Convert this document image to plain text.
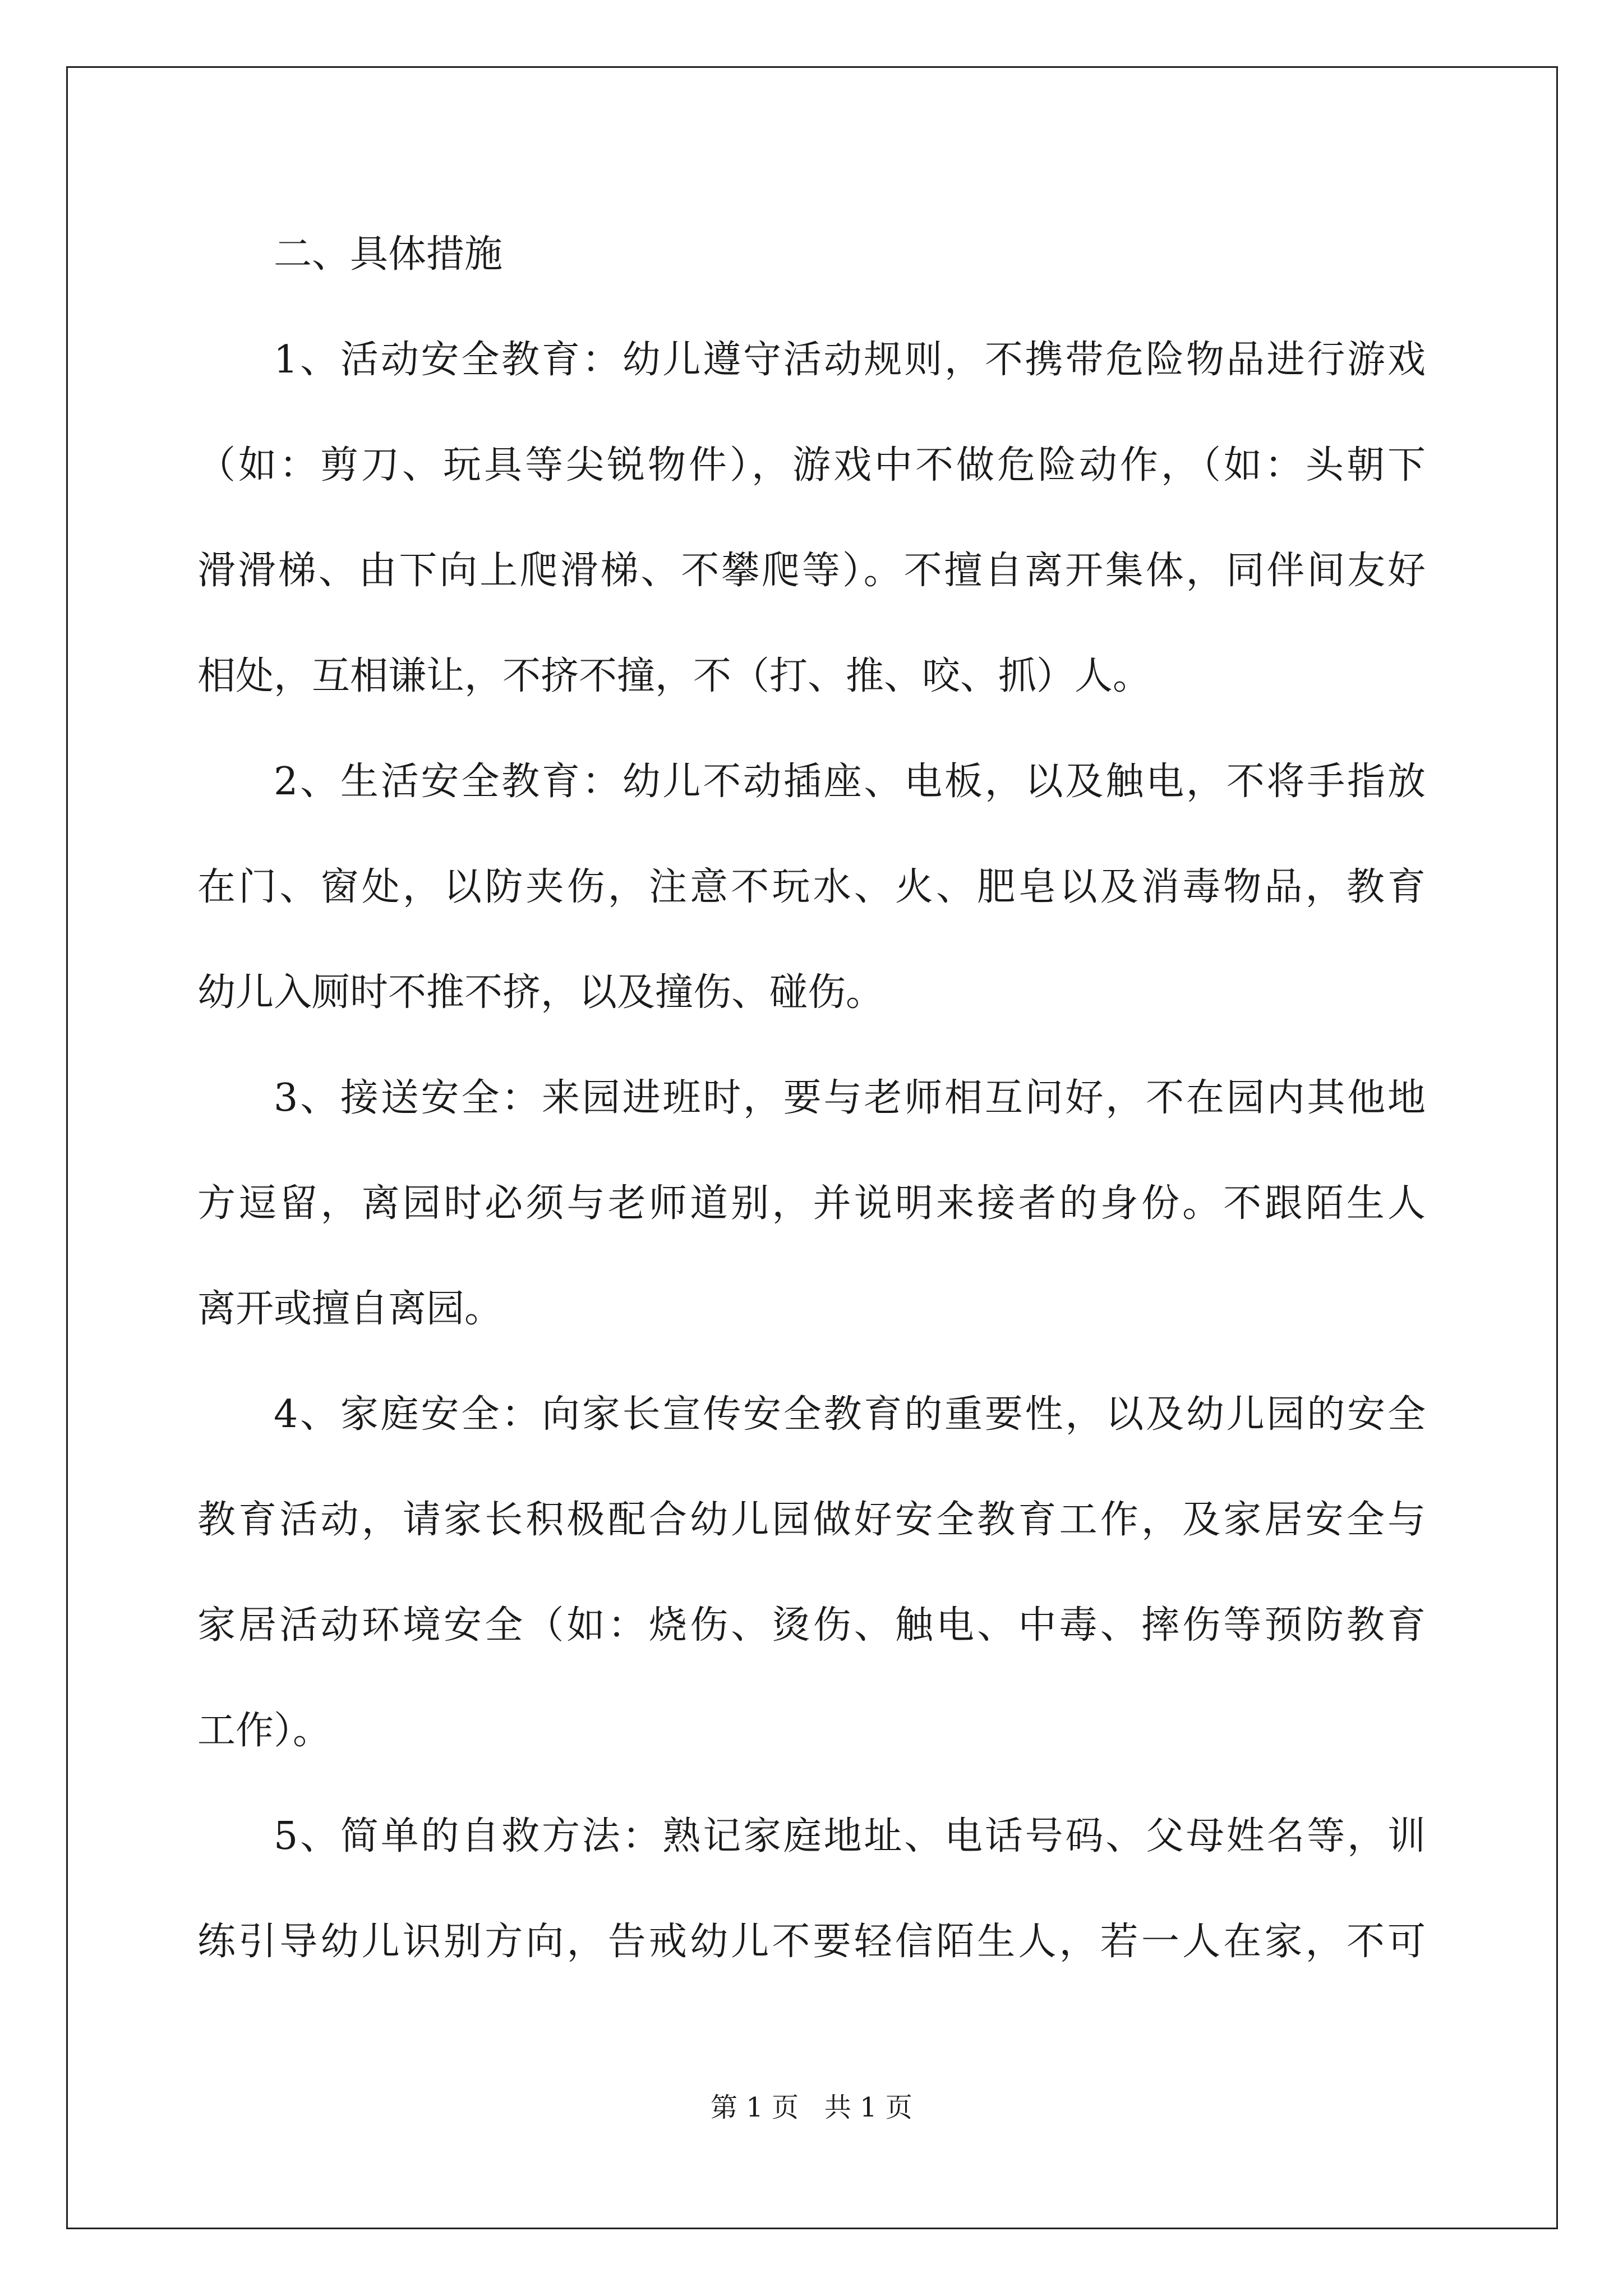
二、具体措施

1、活动安全教育：幼儿遵守活动规则，不携带危险物品进行游戏
（如：剪刀、玩具等尖锐物件），游戏中不做危险动作，（如：头朝下
滑滑梯、由下向上爬滑梯、不攀爬等）。不擅自离开集体，同伴间友好
相处，互相谦让，不挤不撞，不（打、推、咬、抓）人。
2、生活安全教育：幼儿不动插座、电板，以及触电，不将手指放
在门、窗处，以防夹伤，注意不玩水、火、肥皂以及消毒物品，教育
幼儿入厕时不推不挤，以及撞伤、碰伤。
3、接送安全：来园进班时，要与老师相互问好，不在园内其他地
方逗留，离园时必须与老师道别，并说明来接者的身份。不跟陌生人
离开或擅自离园。
4、家庭安全：向家长宣传安全教育的重要性，以及幼儿园的安全
教育活动，请家长积极配合幼儿园做好安全教育工作，及家居安全与
家居活动环境安全（如：烧伤、烫伤、触电、中毒、摔伤等预防教育
工作）。
5、简单的自救方法：熟记家庭地址、电话号码、父母姓名等，训
练引导幼儿识别方向，告戒幼儿不要轻信陌生人，若一人在家，不可
第 1 页   共 1 页
